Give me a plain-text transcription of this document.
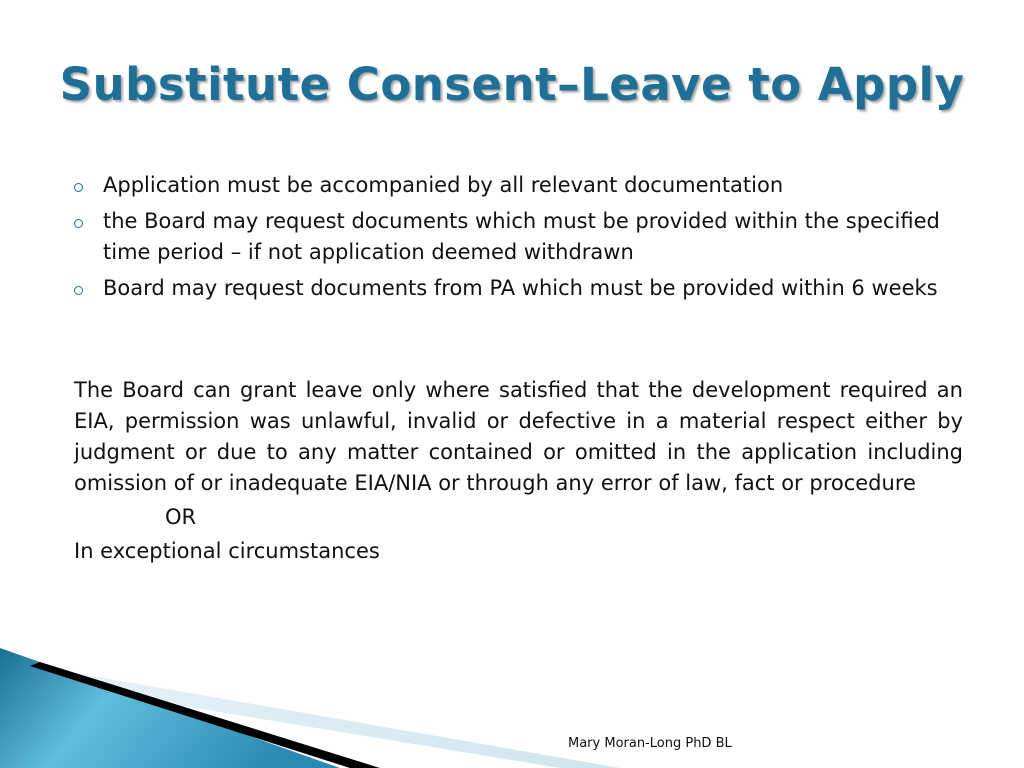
Substitute Consent–Leave to Apply
Application must be accompanied by all relevant documentation
the Board may request documents which must be provided within the specified time period – if not application deemed withdrawn
Board may request documents from PA which must be provided within 6 weeks

The Board can grant leave only where satisfied that the development required an EIA, permission was unlawful, invalid or defective in a material respect either by judgment or due to any matter contained or omitted in the application including omission of or inadequate EIA/NIA or through any error of law, fact or procedure

OR

In exceptional circumstances

Mary Moran-Long PhD BL
